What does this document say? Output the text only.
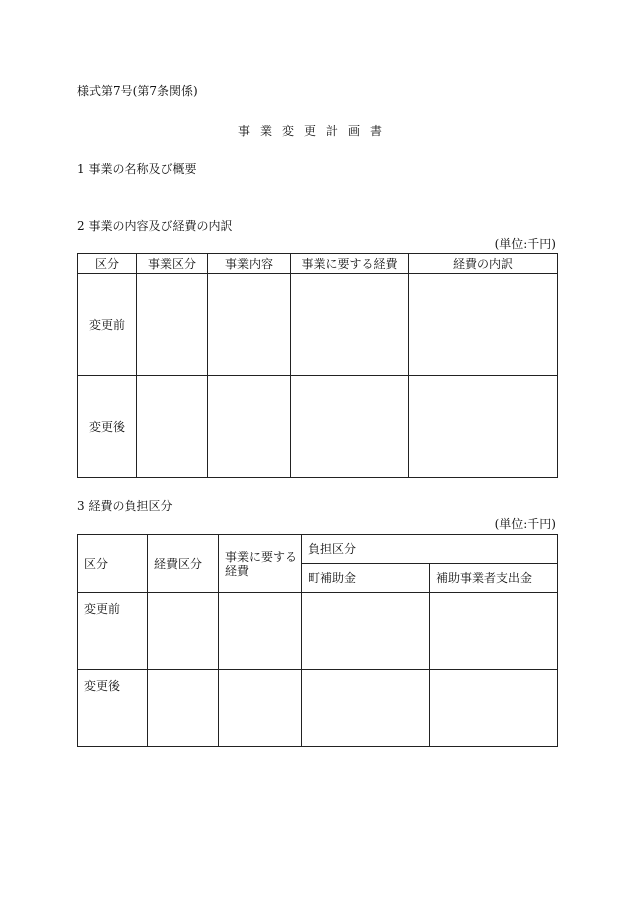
様式第7号(第7条関係)
事業変更計画書
1 事業の名称及び概要
2 事業の内容及び経費の内訳
(単位:千円)
区分	事業区分	事業内容	事業に要する経費	経費の内訳
変更前				
変更後				
3 経費の負担区分
(単位:千円)
区分	経費区分	事業に要する経費	負担区分	
			町補助金	補助事業者支出金
変更前				
変更後				
